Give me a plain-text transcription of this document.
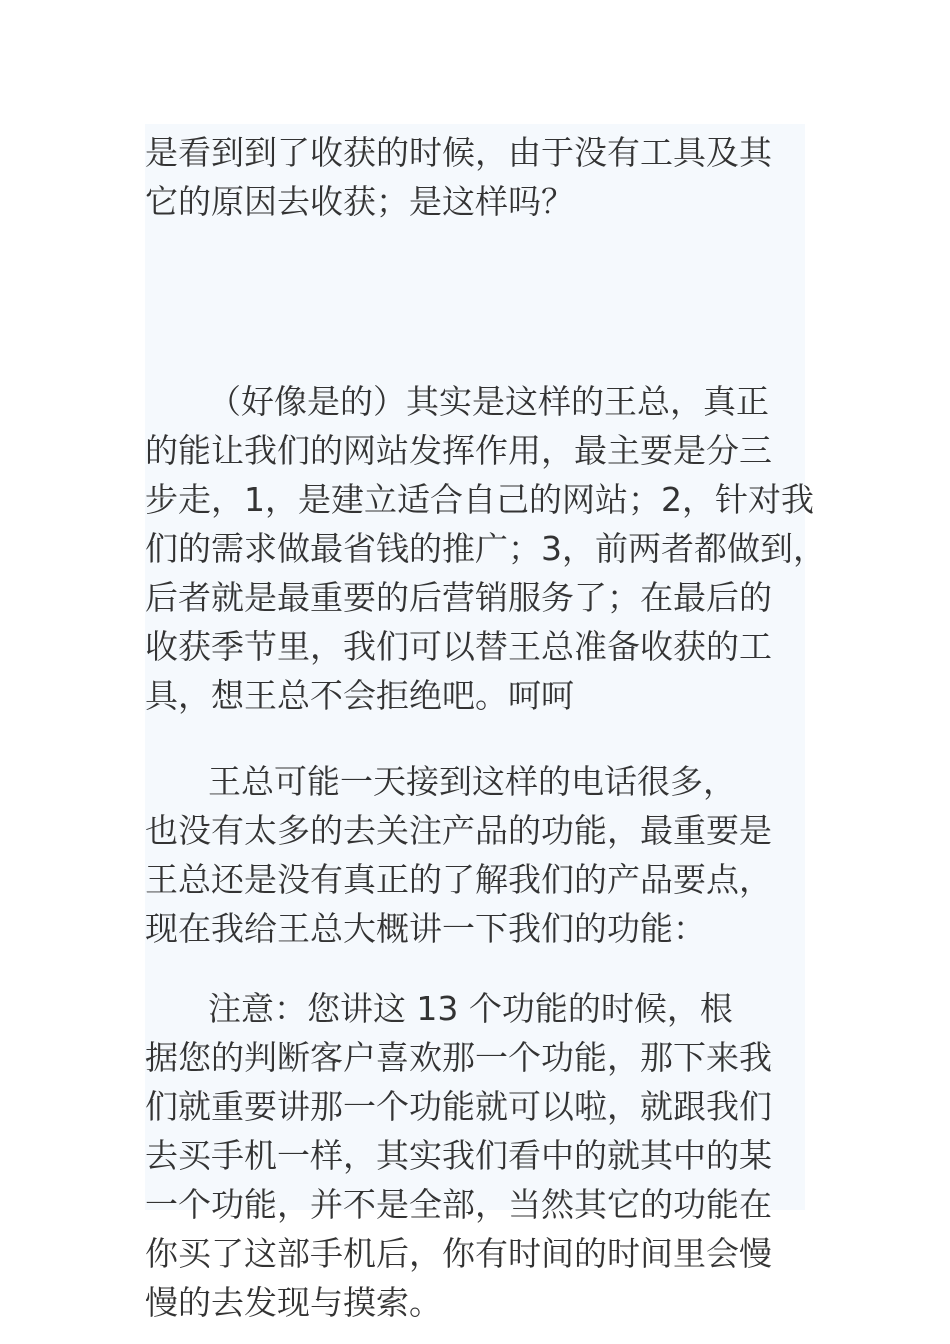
是看到到了收获的时候，由于没有工具及其
它的原因去收获；是这样吗？

（好像是的）其实是这样的王总，真正
的能让我们的网站发挥作用，最主要是分三
步走，1，是建立适合自己的网站；2，针对我
们的需求做最省钱的推广；3，前两者都做到，
后者就是最重要的后营销服务了；在最后的
收获季节里，我们可以替王总准备收获的工
具，想王总不会拒绝吧。呵呵

王总可能一天接到这样的电话很多，
也没有太多的去关注产品的功能，最重要是
王总还是没有真正的了解我们的产品要点，
现在我给王总大概讲一下我们的功能：

注意：您讲这 13 个功能的时候，根
据您的判断客户喜欢那一个功能，那下来我
们就重要讲那一个功能就可以啦，就跟我们
去买手机一样，其实我们看中的就其中的某
一个功能，并不是全部，当然其它的功能在
你买了这部手机后，你有时间的时间里会慢
慢的去发现与摸索。
